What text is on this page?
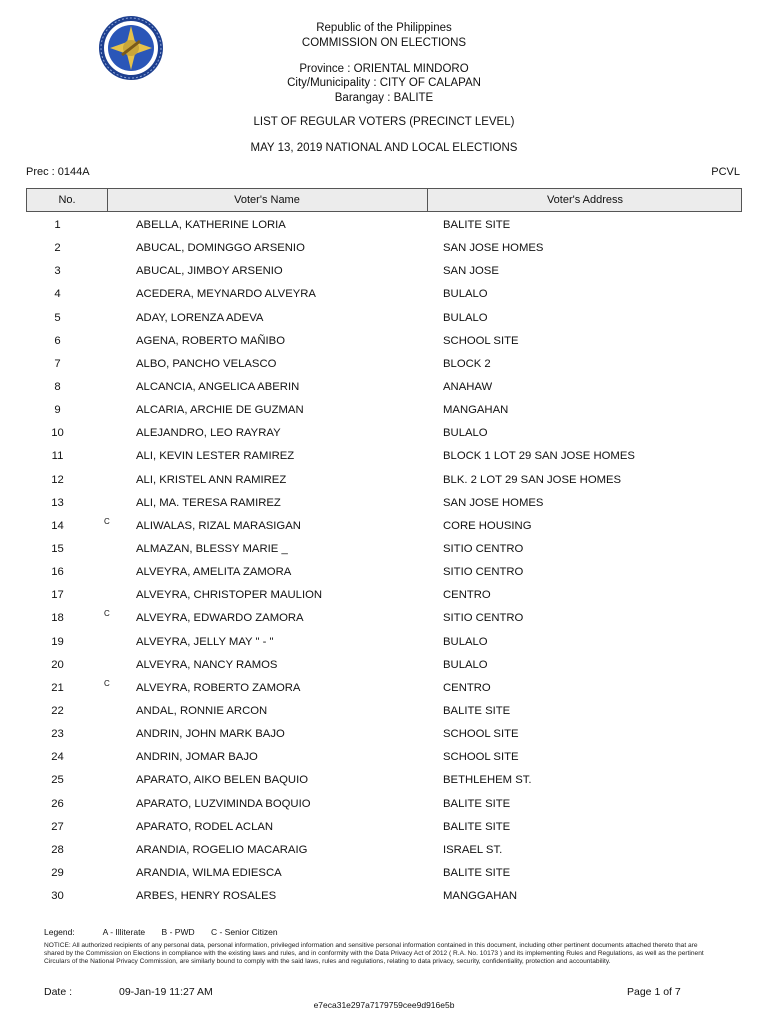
Republic of the Philippines
COMMISSION ON ELECTIONS
Province : ORIENTAL MINDORO
City/Municipality : CITY OF CALAPAN
Barangay : BALITE
LIST OF REGULAR VOTERS (PRECINCT LEVEL)
MAY 13, 2019 NATIONAL AND LOCAL ELECTIONS
Prec : 0144A	PCVL
No.	Voter's Name	Voter's Address
1	ABELLA, KATHERINE LORIA	BALITE SITE
2	ABUCAL, DOMINGGO ARSENIO	SAN JOSE HOMES
3	ABUCAL, JIMBOY ARSENIO	SAN JOSE
4	ACEDERA, MEYNARDO ALVEYRA	BULALO
5	ADAY, LORENZA ADEVA	BULALO
6	AGENA, ROBERTO MAÑIBO	SCHOOL SITE
7	ALBO, PANCHO VELASCO	BLOCK 2
8	ALCANCIA, ANGELICA ABERIN	ANAHAW
9	ALCARIA, ARCHIE DE GUZMAN	MANGAHAN
10	ALEJANDRO, LEO RAYRAY	BULALO
11	ALI, KEVIN LESTER RAMIREZ	BLOCK 1 LOT 29 SAN JOSE HOMES
12	ALI, KRISTEL ANN RAMIREZ	BLK. 2 LOT 29 SAN JOSE HOMES
13	ALI, MA. TERESA RAMIREZ	SAN JOSE HOMES
14	C ALIWALAS, RIZAL MARASIGAN	CORE HOUSING
15	ALMAZAN, BLESSY MARIE _	SITIO CENTRO
16	ALVEYRA, AMELITA ZAMORA	SITIO CENTRO
17	ALVEYRA, CHRISTOPER MAULION	CENTRO
18	C ALVEYRA, EDWARDO ZAMORA	SITIO CENTRO
19	ALVEYRA, JELLY MAY " - "	BULALO
20	ALVEYRA, NANCY RAMOS	BULALO
21	C ALVEYRA, ROBERTO ZAMORA	CENTRO
22	ANDAL, RONNIE ARCON	BALITE SITE
23	ANDRIN, JOHN MARK BAJO	SCHOOL SITE
24	ANDRIN, JOMAR BAJO	SCHOOL SITE
25	APARATO, AIKO BELEN BAQUIO	BETHLEHEM ST.
26	APARATO, LUZVIMINDA BOQUIO	BALITE SITE
27	APARATO, RODEL ACLAN	BALITE SITE
28	ARANDIA, ROGELIO MACARAIG	ISRAEL ST.
29	ARANDIA, WILMA EDIESCA	BALITE SITE
30	ARBES, HENRY ROSALES	MANGGAHAN
Legend:	A - Illiterate B - PWD C - Senior Citizen
NOTICE: All authorized recipients of any personal data, personal information, privileged information and sensitive personal information contained in this document, including other pertinent documents attached thereto that are shared by the Commission on Elections in compliance with the existing laws and rules, and in conformity with the Data Privacy Act of 2012 ( R.A. No. 10173 ) and its implementing Rules and Regulations, as well as the pertinent Circulars of the National Privacy Commission, are similarly bound to comply with the said laws, rules and regulations, relating to data privacy, security, confidentiality, protection and accountability.
Date :	09-Jan-19 11:27 AM	Page 1 of 7
e7eca31e297a7179759cee9d916e5b
